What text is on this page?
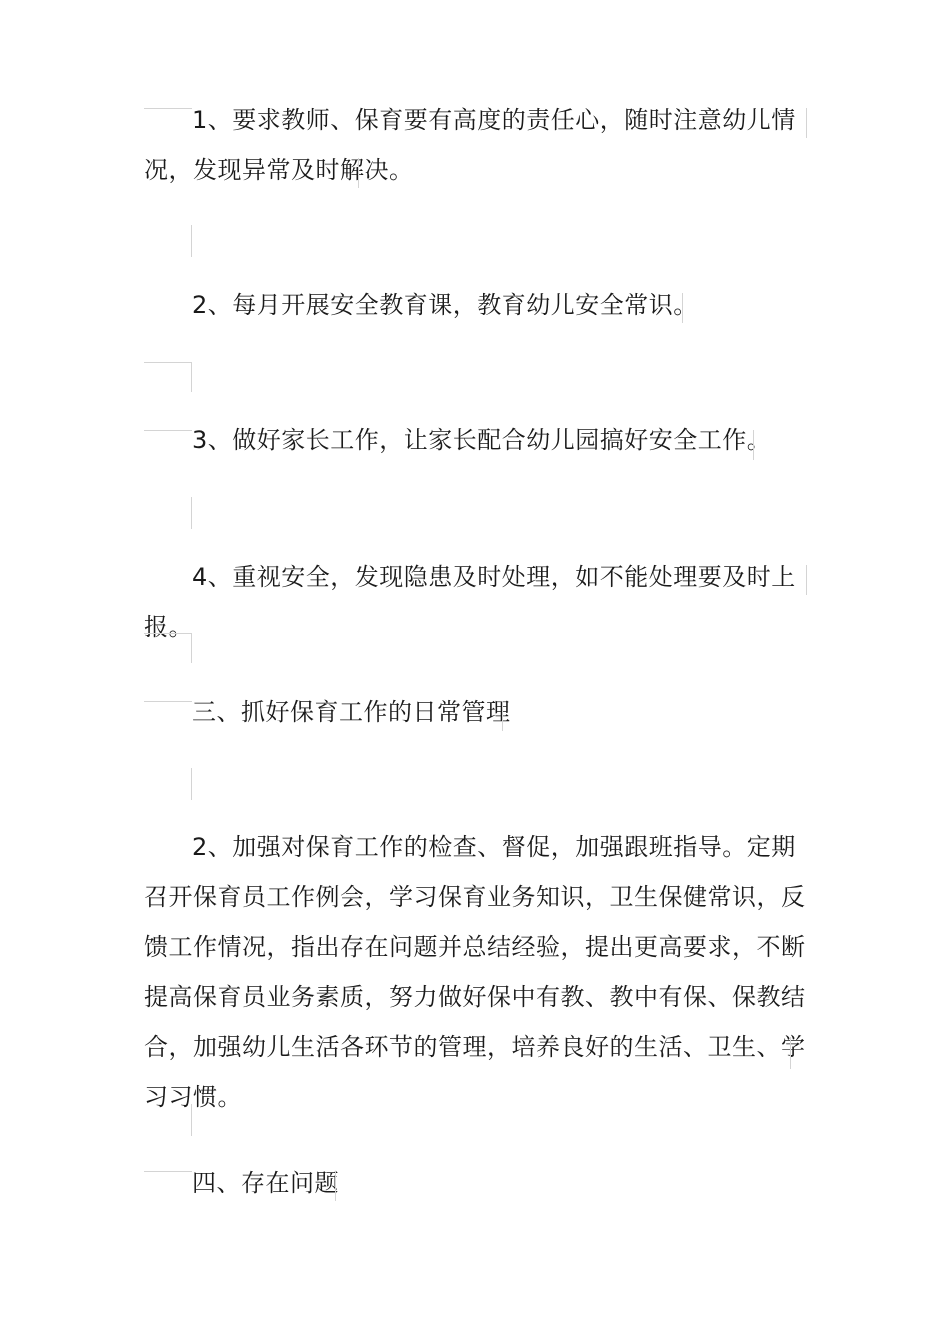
1、要求教师、保育要有高度的责任心，随时注意幼儿情况，发现异常及时解决。
2、每月开展安全教育课，教育幼儿安全常识。
3、做好家长工作，让家长配合幼儿园搞好安全工作。
4、重视安全，发现隐患及时处理，如不能处理要及时上报。
三、抓好保育工作的日常管理
2、加强对保育工作的检查、督促，加强跟班指导。定期召开保育员工作例会，学习保育业务知识，卫生保健常识，反馈工作情况，指出存在问题并总结经验，提出更高要求，不断提高保育员业务素质，努力做好保中有教、教中有保、保教结合，加强幼儿生活各环节的管理，培养良好的生活、卫生、学习习惯。
四、存在问题
